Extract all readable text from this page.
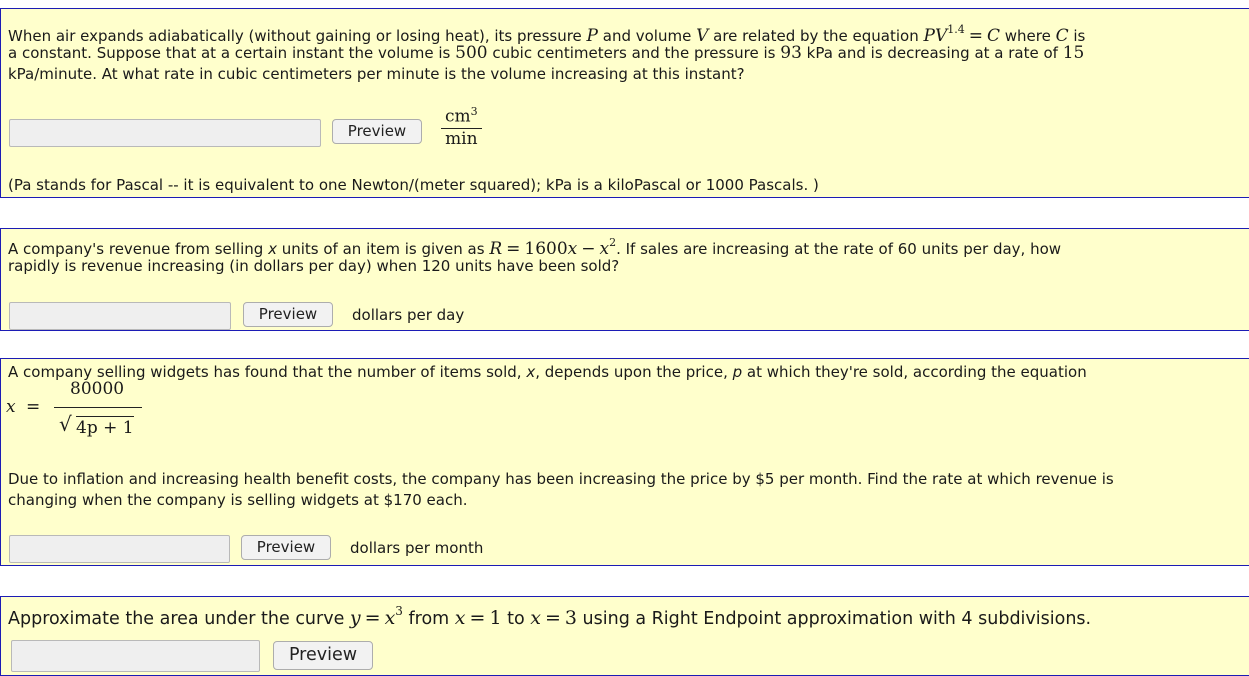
When air expands adiabatically (without gaining or losing heat), its pressure P and volume V are related by the equation $PV^{1.4} = C$ where C is
a constant. Suppose that at a certain instant the volume is 500 cubic centimeters and the pressure is 93 kPa and is decreasing at a rate of 15
kPa/minute. At what rate in cubic centimeters per minute is the volume increasing at this instant?
Preview
$cm^3$
min
(Pa stands for Pascal -- it is equivalent to one Newton/(meter squared); kPa is a kiloPascal or 1000 Pascals. )
A company's revenue from selling x units of an item is given as $R = 1600x - x^2$. If sales are increasing at the rate of 60 units per day, how
rapidly is revenue increasing (in dollars per day) when 120 units have been sold?
Preview	dollars per day
A company selling widgets has found that the number of items sold, x, depends upon the price, p at which they're sold, according the equation
x =
80000
√ 4p + 1
Due to inflation and increasing health benefit costs, the company has been increasing the price by $5 per month. Find the rate at which revenue is
changing when the company is selling widgets at $170 each.
Preview	dollars per month
Approximate the area under the curve $y = x^3$ from x = 1 to x = 3 using a Right Endpoint approximation with 4 subdivisions.
Preview
